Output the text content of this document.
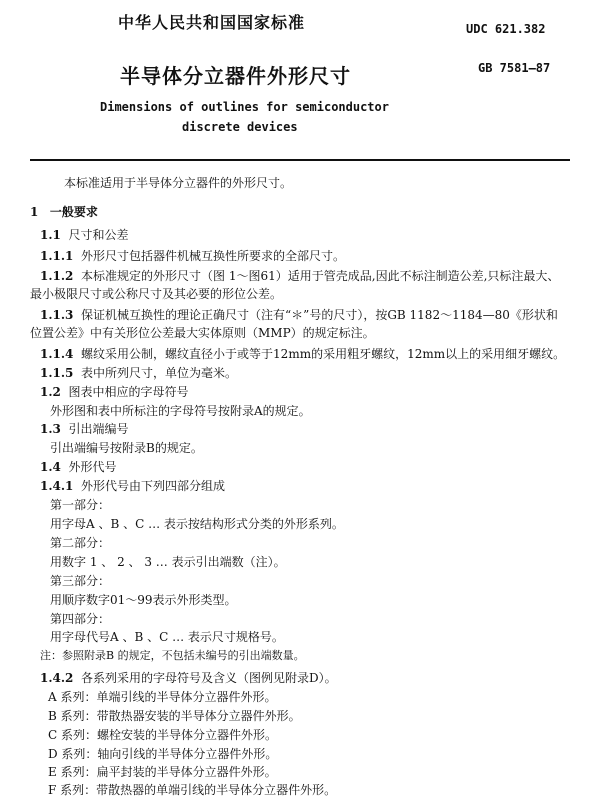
中华人民共和国国家标准	UDC 621.382
半导体分立器件外形尺寸	GB 7581—87
Dimensions of outlines for semiconductor
discrete devices
本标准适用于半导体分立器件的外形尺寸。
1 一般要求
1.1 尺寸和公差
1.1.1 外形尺寸包括器件机械互换性所要求的全部尺寸。
1.1.2 本标准规定的外形尺寸（图 1～图61）适用于管壳成品,因此不标注制造公差,只标注最大、
最小极限尺寸或公称尺寸及其必要的形位公差。
1.1.3 保证机械互换性的理论正确尺寸（注有“＊”号的尺寸），按GB 1182～1184—80《形状和
位置公差》中有关形位公差最大实体原则（MMP）的规定标注。
1.1.4 螺纹采用公制，螺纹直径小于或等于12mm的采用粗牙螺纹，12mm以上的采用细牙螺纹。
1.1.5 表中所列尺寸，单位为毫米。
1.2 图表中相应的字母符号
外形图和表中所标注的字母符号按附录A的规定。
1.3 引出端编号
引出端编号按附录B的规定。
1.4 外形代号
1.4.1 外形代号由下列四部分组成
第一部分：
用字母A 、B 、C … 表示按结构形式分类的外形系列。
第二部分：
用数字 1 、 2 、 3 … 表示引出端数（注）。
第三部分：
用顺序数字01～99表示外形类型。
第四部分：
用字母代号A 、B 、C … 表示尺寸规格号。
注：参照附录B 的规定，不包括未编号的引出端数量。
1.4.2 各系列采用的字母符号及含义（图例见附录D）。
A 系列：单端引线的半导体分立器件外形。
B 系列：带散热器安装的半导体分立器件外形。
C 系列：螺栓安装的半导体分立器件外形。
D 系列：轴向引线的半导体分立器件外形。
E 系列：扁平封装的半导体分立器件外形。
F 系列：带散热器的单端引线的半导体分立器件外形。
